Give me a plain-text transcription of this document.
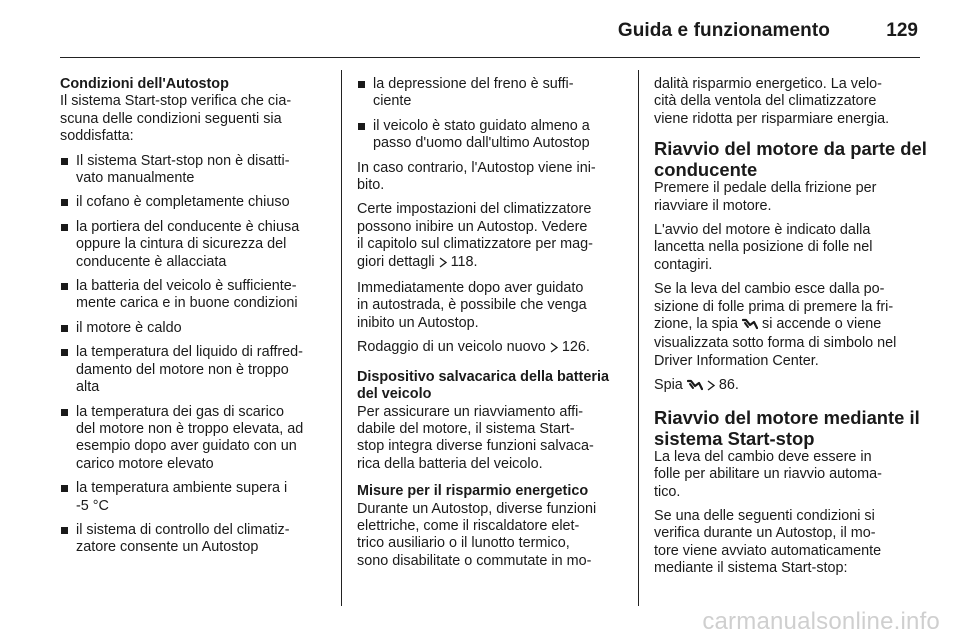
Guida e funzionamento	129
Condizioni dell'Autostop
Il sistema Start-stop verifica che cia-
scuna delle condizioni seguenti sia
soddisfatta:
Il sistema Start-stop non è disatti-
vato manualmente
il cofano è completamente chiuso
la portiera del conducente è chiusa
oppure la cintura di sicurezza del
conducente è allacciata
la batteria del veicolo è sufficiente-
mente carica e in buone condizioni
il motore è caldo
la temperatura del liquido di raffred-
damento del motore non è troppo
alta
la temperatura dei gas di scarico
del motore non è troppo elevata, ad
esempio dopo aver guidato con un
carico motore elevato
la temperatura ambiente supera i
-5 °C
il sistema di controllo del climatiz-
zatore consente un Autostop
la depressione del freno è suffi-
ciente
il veicolo è stato guidato almeno a
passo d'uomo dall'ultimo Autostop
In caso contrario, l'Autostop viene ini-
bito.
Certe impostazioni del climatizzatore
possono inibire un Autostop. Vedere
il capitolo sul climatizzatore per mag-
giori dettagli 118.
Immediatamente dopo aver guidato
in autostrada, è possibile che venga
inibito un Autostop.
Rodaggio di un veicolo nuovo 126.
Dispositivo salvacarica della batteria
del veicolo
Per assicurare un riavviamento affi-
dabile del motore, il sistema Start-
stop integra diverse funzioni salvaca-
rica della batteria del veicolo.
Misure per il risparmio energetico
Durante un Autostop, diverse funzioni
elettriche, come il riscaldatore elet-
trico ausiliario o il lunotto termico,
sono disabilitate o commutate in mo-
dalità risparmio energetico. La velo-
cità della ventola del climatizzatore
viene ridotta per risparmiare energia.
Riavvio del motore da parte del
conducente
Premere il pedale della frizione per
riavviare il motore.
L'avvio del motore è indicato dalla
lancetta nella posizione di folle nel
contagiri.
Se la leva del cambio esce dalla po-
sizione di folle prima di premere la fri-
zione, la spia si accende o viene
visualizzata sotto forma di simbolo nel
Driver Information Center.
Spia	86.
Riavvio del motore mediante il
sistema Start-stop
La leva del cambio deve essere in
folle per abilitare un riavvio automa-
tico.
Se una delle seguenti condizioni si
verifica durante un Autostop, il mo-
tore viene avviato automaticamente
mediante il sistema Start-stop:
carmanualsonline.info
